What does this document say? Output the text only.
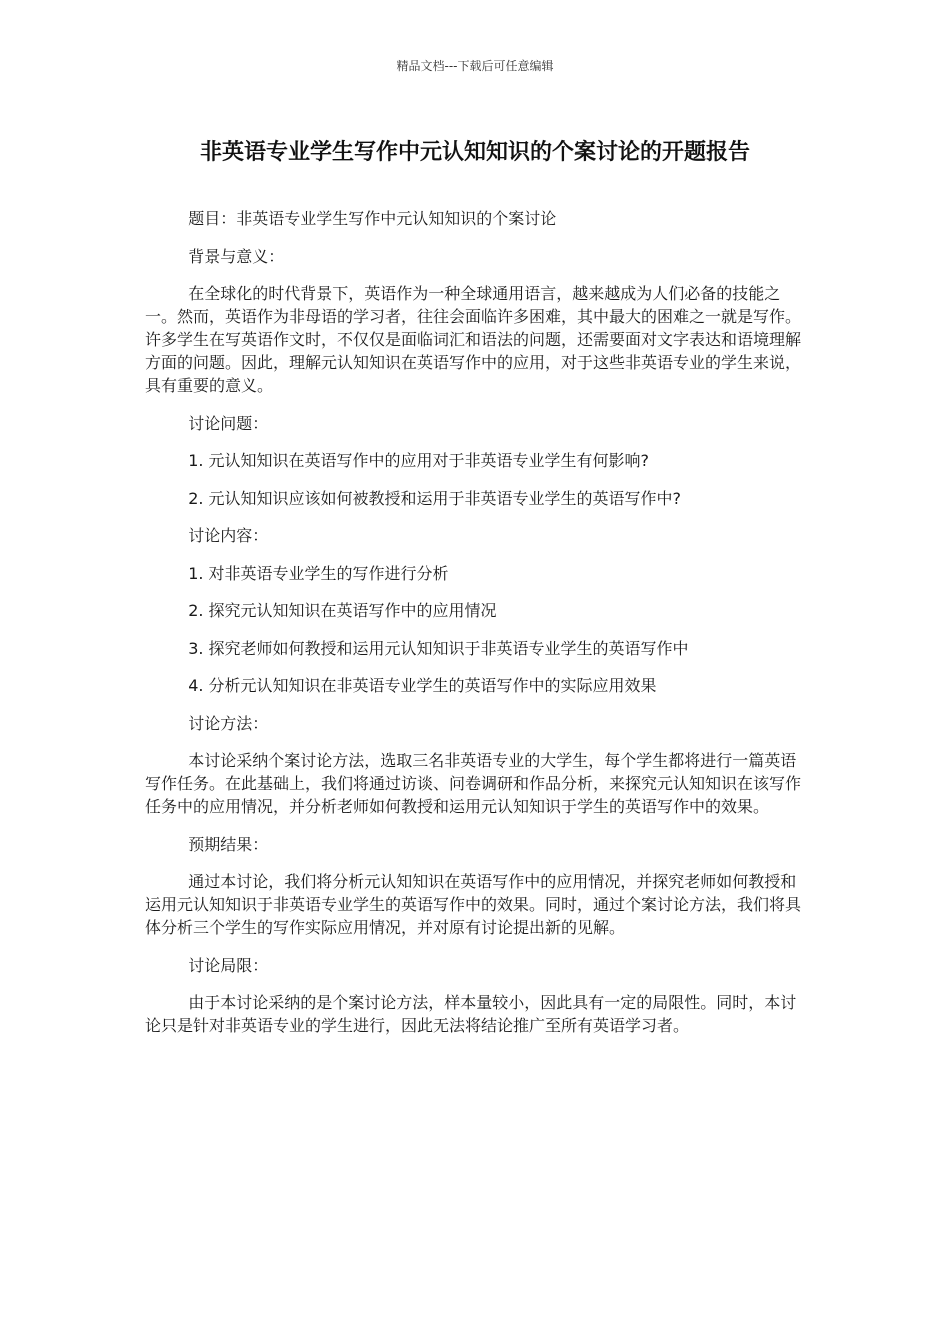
精品文档---下载后可任意编辑
非英语专业学生写作中元认知知识的个案讨论的开题报告

题目：非英语专业学生写作中元认知知识的个案讨论

背景与意义：

在全球化的时代背景下，英语作为一种全球通用语言，越来越成为人们必备的技能之一。然而，英语作为非母语的学习者，往往会面临许多困难，其中最大的困难之一就是写作。许多学生在写英语作文时，不仅仅是面临词汇和语法的问题，还需要面对文字表达和语境理解方面的问题。因此，理解元认知知识在英语写作中的应用，对于这些非英语专业的学生来说，具有重要的意义。

讨论问题：

1. 元认知知识在英语写作中的应用对于非英语专业学生有何影响?

2. 元认知知识应该如何被教授和运用于非英语专业学生的英语写作中?

讨论内容：

1. 对非英语专业学生的写作进行分析

2. 探究元认知知识在英语写作中的应用情况

3. 探究老师如何教授和运用元认知知识于非英语专业学生的英语写作中

4. 分析元认知知识在非英语专业学生的英语写作中的实际应用效果

讨论方法：

本讨论采纳个案讨论方法，选取三名非英语专业的大学生，每个学生都将进行一篇英语写作任务。在此基础上，我们将通过访谈、问卷调研和作品分析，来探究元认知知识在该写作任务中的应用情况，并分析老师如何教授和运用元认知知识于学生的英语写作中的效果。

预期结果：

通过本讨论，我们将分析元认知知识在英语写作中的应用情况，并探究老师如何教授和运用元认知知识于非英语专业学生的英语写作中的效果。同时，通过个案讨论方法，我们将具体分析三个学生的写作实际应用情况，并对原有讨论提出新的见解。

讨论局限：

由于本讨论采纳的是个案讨论方法，样本量较小，因此具有一定的局限性。同时，本讨论只是针对非英语专业的学生进行，因此无法将结论推广至所有英语学习者。
